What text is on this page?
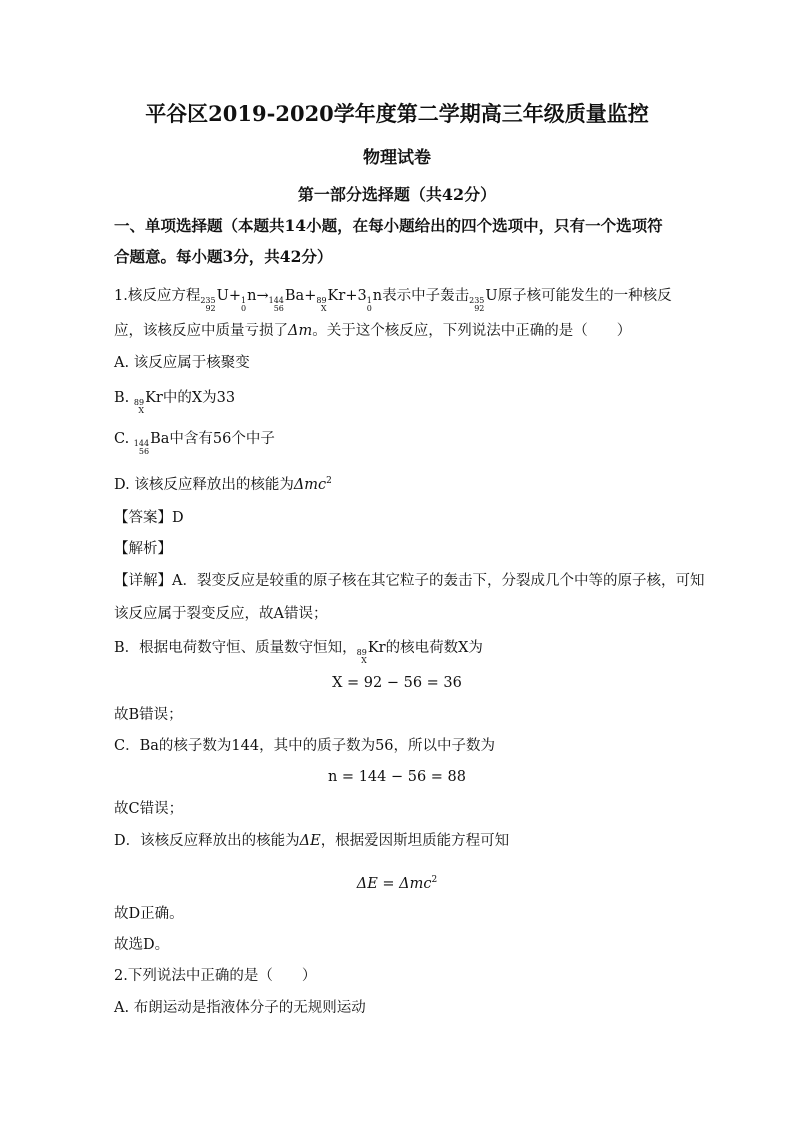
平谷区2019-2020学年度第二学期高三年级质量监控
物理试卷
第一部分选择题（共42分）
一、单项选择题（本题共14小题，在每小题给出的四个选项中，只有一个选项符
合题意。每小题3分，共42分）
1.核反应方程 235
92
U+ 1
0
n→ 144
56
Ba+ 89
X
Kr+3 1
0
n表示中子轰击 235
92
U原子核可能发生的一种核反
应，该核反应中质量亏损了Δm。关于这个核反应，下列说法中正确的是（　　）
A. 该反应属于核聚变
B. 89
X
Kr中的X为33
C. 144
56
Ba中含有56个中子
D. 该核反应释放出的核能为Δmc$^2$
【答案】D
【解析】
【详解】A．裂变反应是较重的原子核在其它粒子的轰击下，分裂成几个中等的原子核，可知
该反应属于裂变反应，故A错误；
B．根据电荷数守恒、质量数守恒知， 89
X
Kr的核电荷数X为
X = 92 − 56 = 36
故B错误；
C．Ba的核子数为144，其中的质子数为56，所以中子数为
n = 144 − 56 = 88
故C错误；
D．该核反应释放出的核能为ΔE，根据爱因斯坦质能方程可知
ΔE = Δmc$^2$
故D正确。
故选D。
2.下列说法中正确的是（　　）
A. 布朗运动是指液体分子的无规则运动
